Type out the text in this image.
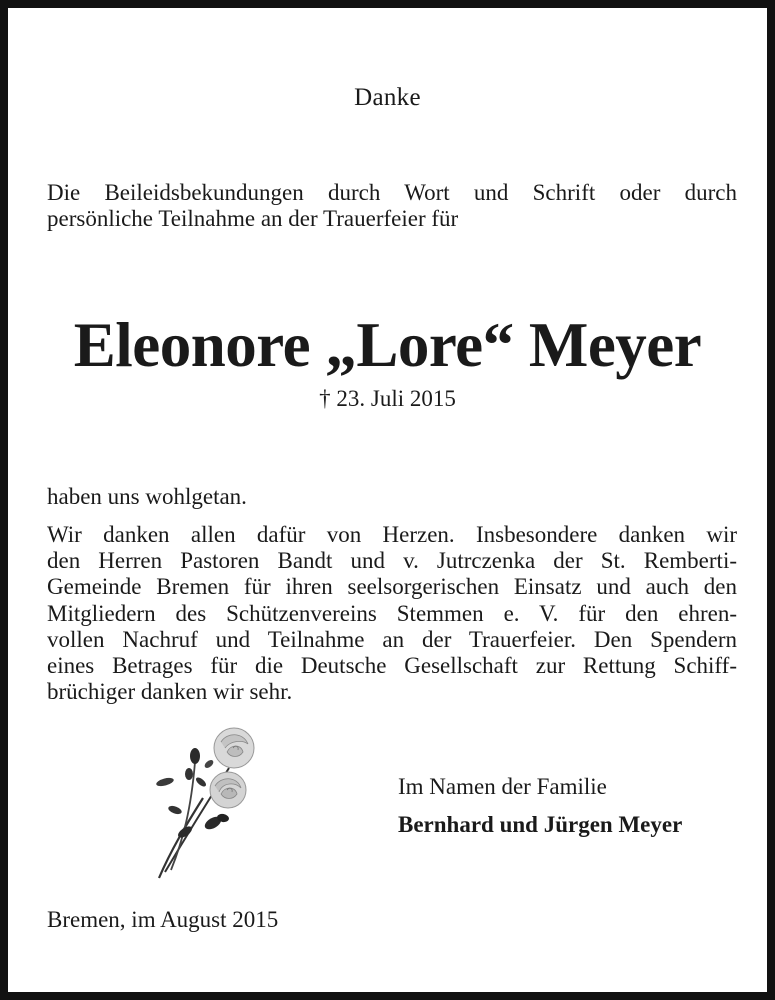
Danke
Die Beileidsbekundungen durch Wort und Schrift oder durch
persönliche Teilnahme an der Trauerfeier für
Eleonore „Lore“ Meyer
† 23. Juli 2015
haben uns wohlgetan.
Wir danken allen dafür von Herzen. Insbesondere danken wir
den Herren Pastoren Bandt und v. Jutrczenka der St. Remberti-
Gemeinde Bremen für ihren seelsorgerischen Einsatz und auch den
Mitgliedern des Schützenvereins Stemmen e. V. für den ehren-
vollen Nachruf und Teilnahme an der Trauerfeier. Den Spendern
eines Betrages für die Deutsche Gesellschaft zur Rettung Schiff-
brüchiger danken wir sehr.
Im Namen der Familie
Bernhard und Jürgen Meyer
Bremen, im August 2015
